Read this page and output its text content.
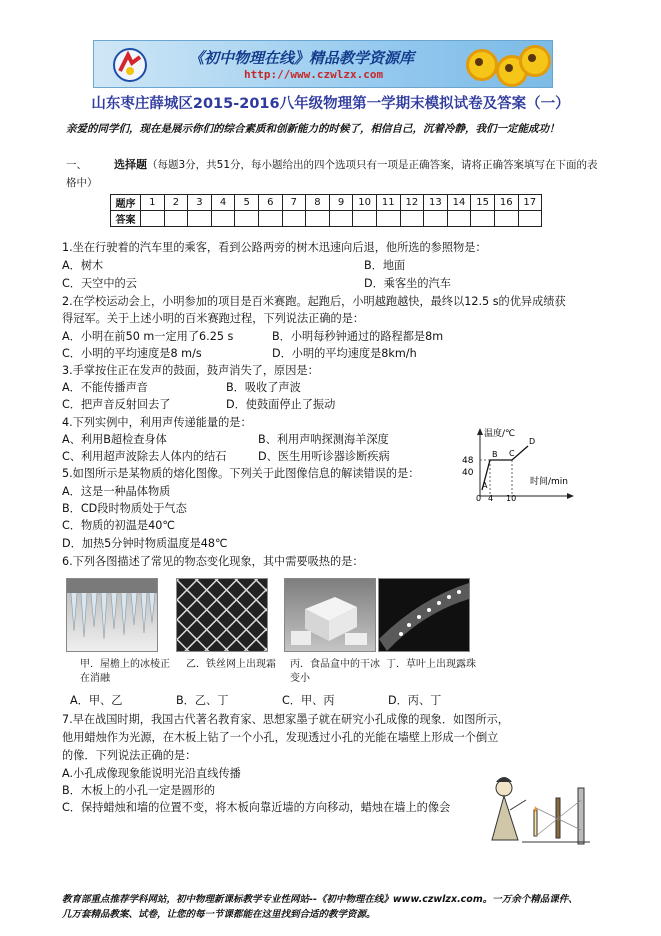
《初中物理在线》精品教学资源库
http://www.czwlzx.com
山东枣庄薛城区2015-2016八年级物理第一学期末模拟试卷及答案（一）
亲爱的同学们，现在是展示你们的综合素质和创新能力的时候了，相信自己，沉着冷静，我们一定能成功！
一、 选择题（每题3分，共51分，每小题给出的四个选项只有一项是正确答案，请将正确答案填写在下面的表格中）
题序	1	2	3	4	5	6	7	8	9	10	11	12	13	14	15	16	17
答案																	
1.坐在行驶着的汽车里的乘客，看到公路两旁的树木迅速向后退，他所选的参照物是：
A．树木	B．地面
C．天空中的云	D．乘客坐的汽车
2.在学校运动会上，小明参加的项目是百米赛跑。起跑后，小明越跑越快，最终以12.5 s的优异成绩获
得冠军。关于上述小明的百米赛跑过程，下列说法正确的是：
A．小明在前50 m一定用了6.25 s	B．小明每秒钟通过的路程都是8m
C．小明的平均速度是8 m/s	D．小明的平均速度是8km/h
3.手掌按住正在发声的鼓面，鼓声消失了，原因是：
A．不能传播声音	B．吸收了声波
C．把声音反射回去了	D．使鼓面停止了振动
4.下列实例中，利用声传递能量的是：
A、利用B超检查身体	B、利用声呐探测海羊深度
C、利用超声波除去人体内的结石	D、医生用听诊器诊断疾病
5.如图所示是某物质的熔化图像。下列关于此图像信息的解读错误的是：
A．这是一种晶体物质
B．CD段时物质处于气态
C．物质的初温是40℃
D．加热5分钟时物质温度是48℃
温度/℃
时间/min
48
40
0 4 10
A
B C
D
6.下列各图描述了常见的物态变化现象，其中需要吸热的是：
甲．屋檐上的冰棱正在消融
乙．铁丝网上出现霜	丙．食品盒中的干冰变小
丁．草叶上出现露珠
A．甲、乙	B．乙、丁	C．甲、丙	D．丙、丁
7.早在战国时期，我国古代著名教育家、思想家墨子就在研究小孔成像的现象．如图所示，
他用蜡烛作为光源，在木板上钻了一个小孔，发现透过小孔的光能在墙壁上形成一个倒立
的像．下列说法正确的是：
A.小孔成像现象能说明光沿直线传播
B．木板上的小孔一定是圆形的
C．保持蜡烛和墙的位置不变，将木板向靠近墙的方向移动，蜡烛在墙上的像会
教育部重点推荐学科网站，初中物理新课标教学专业性网站--《初中物理在线》www.czwlzx.com。一万余个精品课件、
几万套精品教案、试卷，让您的每一节课都能在这里找到合适的教学资源。
